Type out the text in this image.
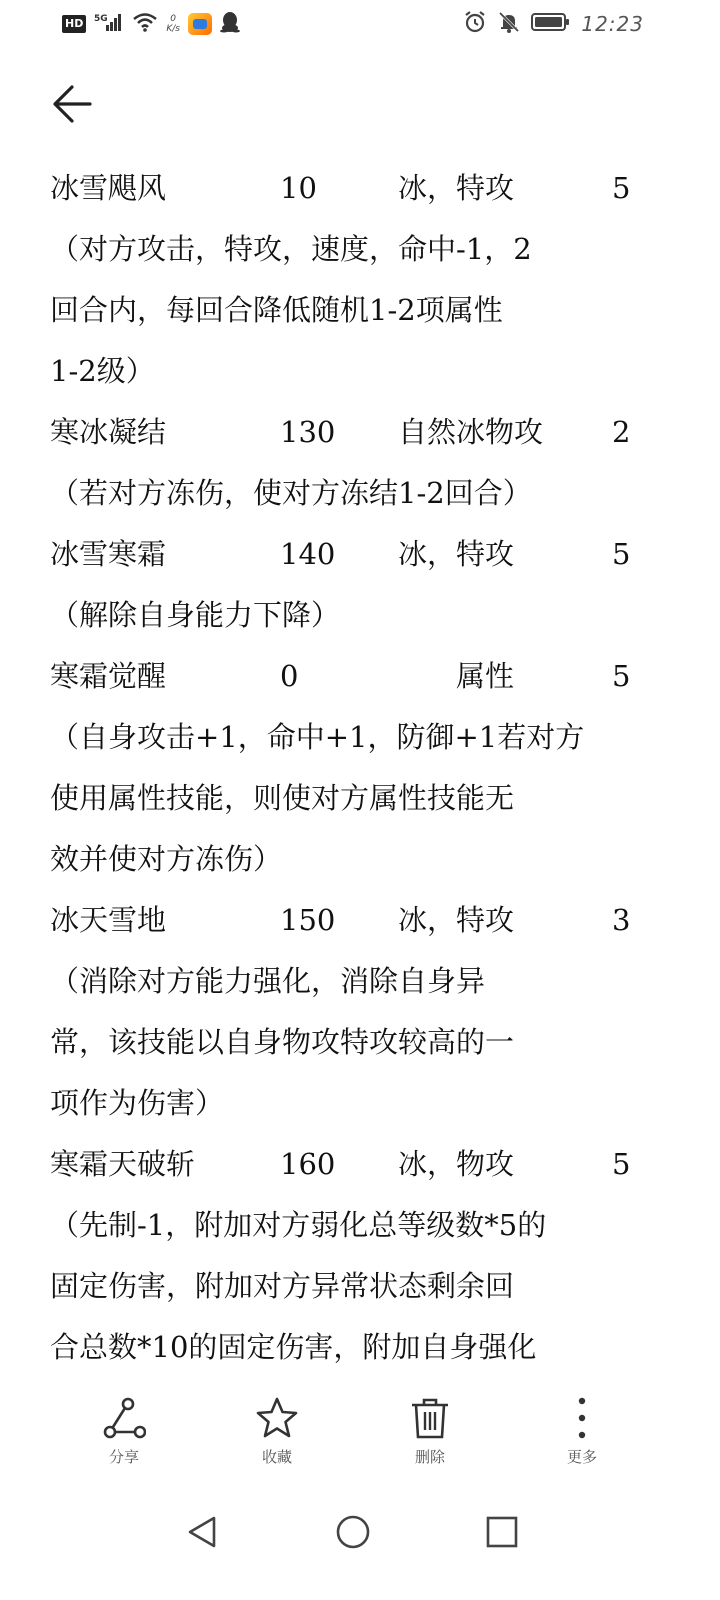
HD	5G	0
K/s	12:23
冰雪飓风	10	冰，特攻	5
（对方攻击，特攻，速度，命中-1，2
回合内，每回合降低随机1-2项属性
1-2级）
寒冰凝结	130 自然冰物攻 2
（若对方冻伤，使对方冻结1-2回合）
冰雪寒霜	140 冰，特攻	5
（解除自身能力下降）
寒霜觉醒	0	　　属性	5
（自身攻击+1，命中+1，防御+1若对方
使用属性技能，则使对方属性技能无
效并使对方冻伤）
冰天雪地	150 冰，特攻	3
（消除对方能力强化，消除自身异
常，该技能以自身物攻特攻较高的一
项作为伤害）
寒霜天破斩	160 冰，物攻	5
（先制-1，附加对方弱化总等级数*5的
固定伤害，附加对方异常状态剩余回
合总数*10的固定伤害，附加自身强化
分享	收藏	删除	更多
